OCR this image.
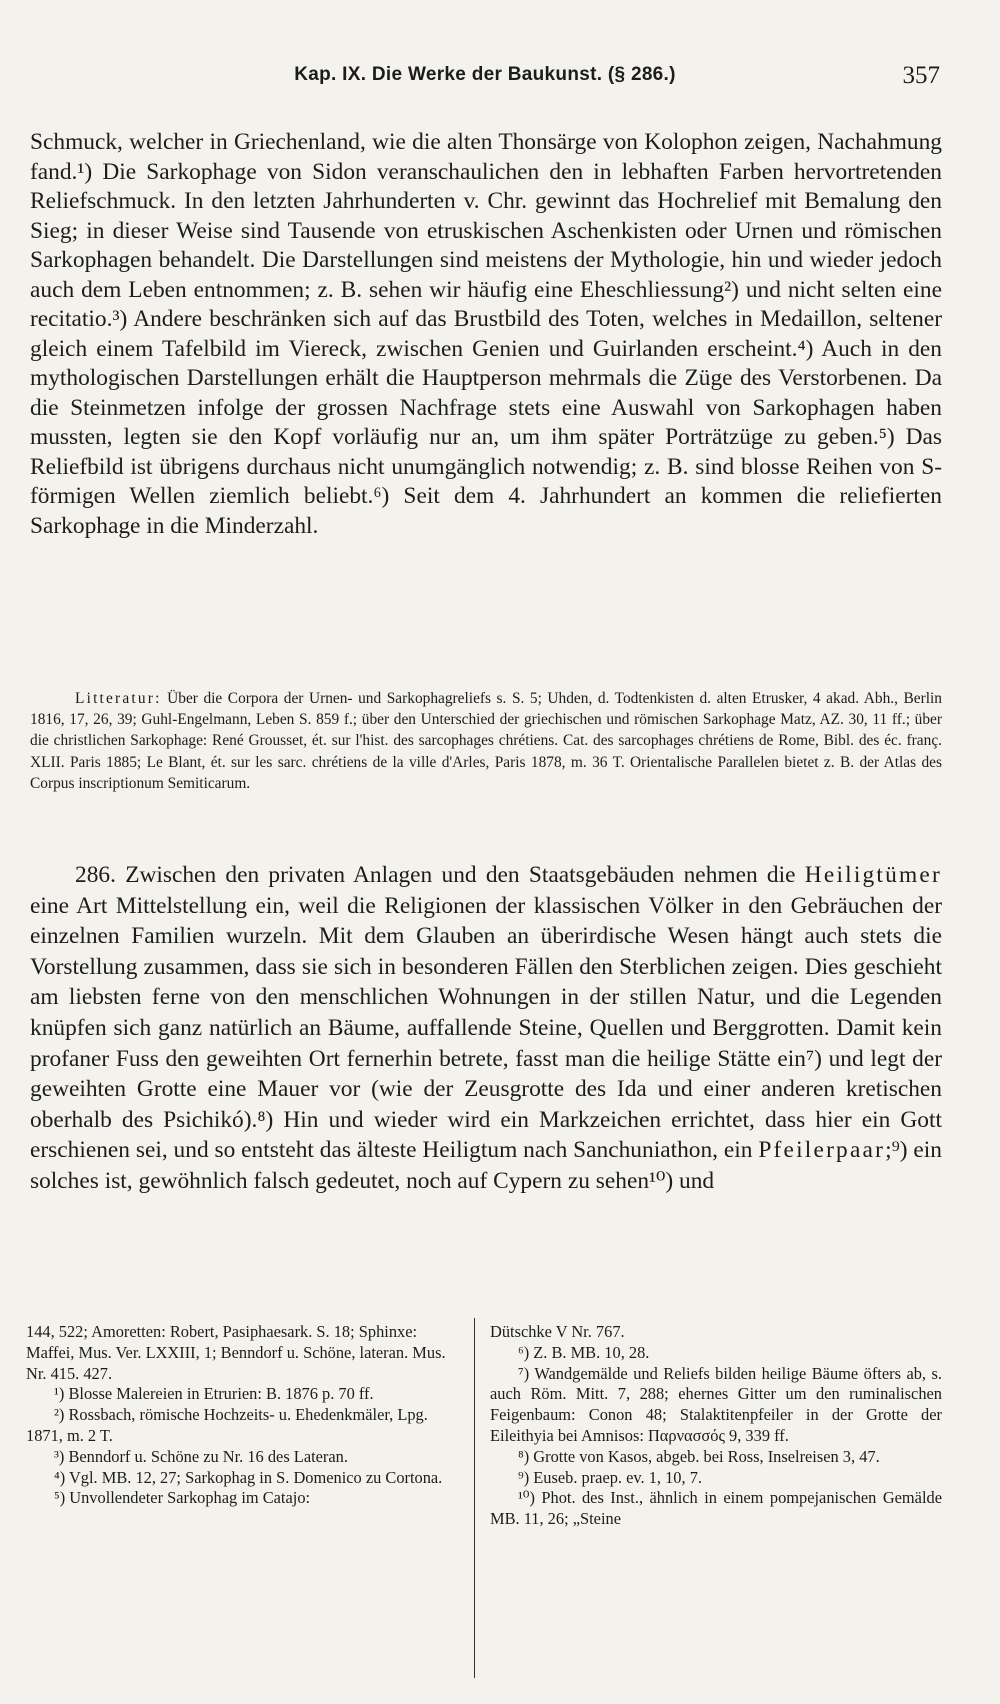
Kap. IX. Die Werke der Baukunst. (§ 286.)	357

Schmuck, welcher in Griechenland, wie die alten Thonsärge von Kolophon zeigen, Nachahmung fand.¹) Die Sarkophage von Sidon veranschaulichen den in lebhaften Farben hervortretenden Reliefschmuck. In den letzten Jahrhunderten v. Chr. gewinnt das Hochrelief mit Bemalung den Sieg; in dieser Weise sind Tausende von etruskischen Aschenkisten oder Urnen und römischen Sarkophagen behandelt. Die Darstellungen sind meistens der Mythologie, hin und wieder jedoch auch dem Leben entnommen; z. B. sehen wir häufig eine Eheschliessung²) und nicht selten eine recitatio.³) Andere beschränken sich auf das Brustbild des Toten, welches in Medaillon, seltener gleich einem Tafelbild im Viereck, zwischen Genien und Guirlanden erscheint.⁴) Auch in den mythologischen Darstellungen erhält die Hauptperson mehrmals die Züge des Verstorbenen. Da die Steinmetzen infolge der grossen Nachfrage stets eine Auswahl von Sarkophagen haben mussten, legten sie den Kopf vorläufig nur an, um ihm später Porträtzüge zu geben.⁵) Das Reliefbild ist übrigens durchaus nicht unumgänglich notwendig; z. B. sind blosse Reihen von S-förmigen Wellen ziemlich beliebt.⁶) Seit dem 4. Jahrhundert an kommen die reliefierten Sarkophage in die Minderzahl.

Litteratur: Über die Corpora der Urnen- und Sarkophagreliefs s. S. 5; Uhden, d. Todtenkisten d. alten Etrusker, 4 akad. Abh., Berlin 1816, 17, 26, 39; Guhl-Engelmann, Leben S. 859 f.; über den Unterschied der griechischen und römischen Sarkophage Matz, AZ. 30, 11 ff.; über die christlichen Sarkophage: René Grousset, ét. sur l'hist. des sarcophages chrétiens. Cat. des sarcophages chrétiens de Rome, Bibl. des éc. franç. XLII. Paris 1885; Le Blant, ét. sur les sarc. chrétiens de la ville d'Arles, Paris 1878, m. 36 T. Orientalische Parallelen bietet z. B. der Atlas des Corpus inscriptionum Semiticarum.

286. Zwischen den privaten Anlagen und den Staatsgebäuden nehmen die Heiligtümer eine Art Mittelstellung ein, weil die Religionen der klassischen Völker in den Gebräuchen der einzelnen Familien wurzeln. Mit dem Glauben an überirdische Wesen hängt auch stets die Vorstellung zusammen, dass sie sich in besonderen Fällen den Sterblichen zeigen. Dies geschieht am liebsten ferne von den menschlichen Wohnungen in der stillen Natur, und die Legenden knüpfen sich ganz natürlich an Bäume, auffallende Steine, Quellen und Berggrotten. Damit kein profaner Fuss den geweihten Ort fernerhin betrete, fasst man die heilige Stätte ein⁷) und legt der geweihten Grotte eine Mauer vor (wie der Zeusgrotte des Ida und einer anderen kretischen oberhalb des Psichikó).⁸) Hin und wieder wird ein Markzeichen errichtet, dass hier ein Gott erschienen sei, und so entsteht das älteste Heiligtum nach Sanchuniathon, ein Pfeilerpaar;⁹) ein solches ist, gewöhnlich falsch gedeutet, noch auf Cypern zu sehen¹⁰) und

144, 522; Amoretten: Robert, Pasiphaesark. S. 18; Sphinxe: Maffei, Mus. Ver. LXXIII, 1; Benndorf u. Schöne, lateran. Mus. Nr. 415. 427.

¹) Blosse Malereien in Etrurien: B. 1876 p. 70 ff.

²) Rossbach, römische Hochzeits- u. Ehedenkmäler, Lpg. 1871, m. 2 T.

³) Benndorf u. Schöne zu Nr. 16 des Lateran.

⁴) Vgl. MB. 12, 27; Sarkophag in S. Domenico zu Cortona.

⁵) Unvollendeter Sarkophag im Catajo:

Dütschke V Nr. 767.

⁶) Z. B. MB. 10, 28.

⁷) Wandgemälde und Reliefs bilden heilige Bäume öfters ab, s. auch Röm. Mitt. 7, 288; ehernes Gitter um den ruminalischen Feigenbaum: Conon 48; Stalaktitenpfeiler in der Grotte der Eileithyia bei Amnisos: Παρνασσός 9, 339 ff.

⁸) Grotte von Kasos, abgeb. bei Ross, Inselreisen 3, 47.

⁹) Euseb. praep. ev. 1, 10, 7.

¹⁰) Phot. des Inst., ähnlich in einem pompejanischen Gemälde MB. 11, 26; „Steine
